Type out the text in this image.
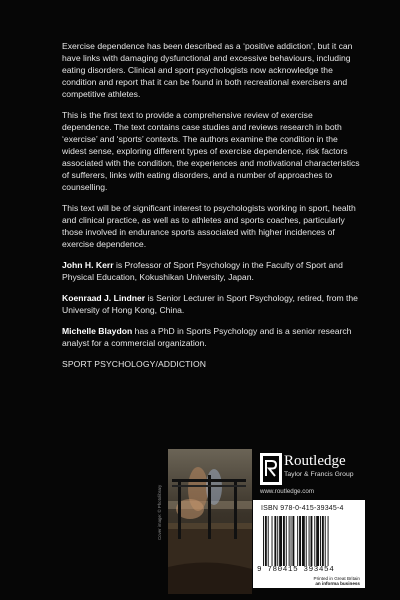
Exercise dependence has been described as a ‘positive addiction’, but it can have links with damaging dysfunctional and excessive behaviours, including eating disorders. Clinical and sport psychologists now acknowledge the condition and report that it can be found in both recreational exercisers and competitive athletes.

This is the first text to provide a comprehensive review of exercise dependence. The text contains case studies and reviews research in both ‘exercise’ and ‘sports’ contexts. The authors examine the condition in the widest sense, exploring different types of exercise dependence, risk factors associated with the condition, the experiences and motivational characteristics of sufferers, links with eating disorders, and a number of approaches to counselling.

This text will be of significant interest to psychologists working in sport, health and clinical practice, as well as to athletes and sports coaches, particularly those involved in endurance sports associated with higher incidences of exercise dependence.

John H. Kerr is Professor of Sport Psychology in the Faculty of Sport and Physical Education, Kokushikan University, Japan.

Koenraad J. Lindner is Senior Lecturer in Sport Psychology, retired, from the University of Hong Kong, China.

Michelle Blaydon has a PhD in Sports Psychology and is a senior research analyst for a commercial organization.

SPORT PSYCHOLOGY/ADDICTION
Cover image: © Photolibrary
Routledge
Taylor & Francis Group
www.routledge.com
ISBN 978-0-415-39345-4
9 780415 393454
Printed in Great Britain
an informa business
